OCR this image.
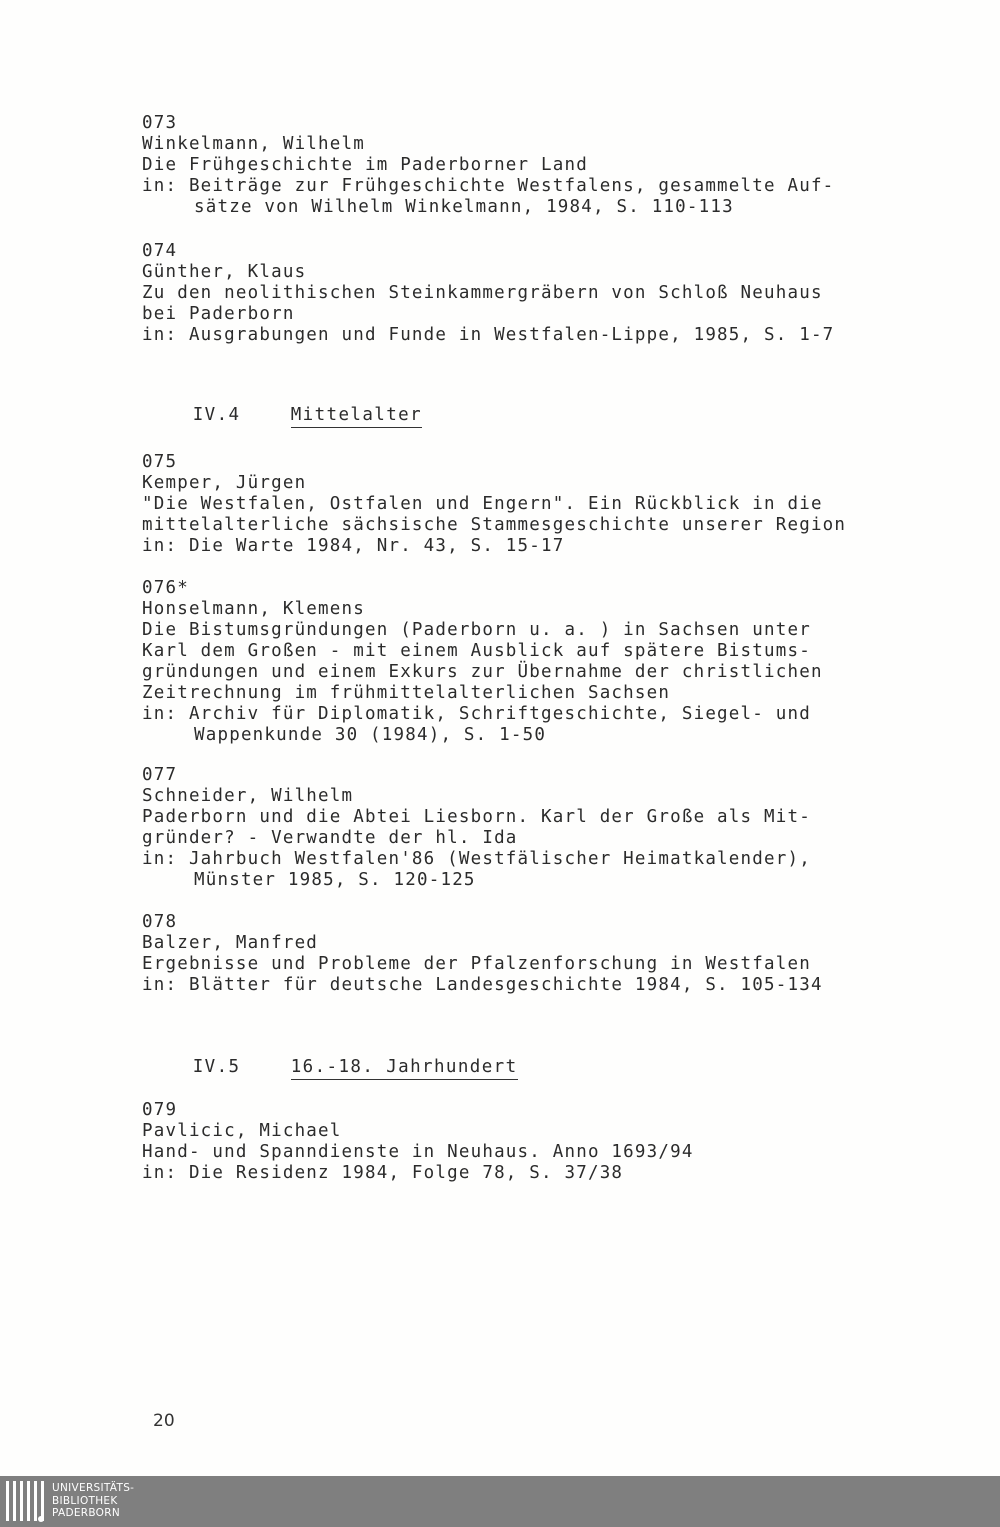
073
Winkelmann, Wilhelm
Die Frühgeschichte im Paderborner Land
in: Beiträge zur Frühgeschichte Westfalens, gesammelte Auf-
sätze von Wilhelm Winkelmann, 1984, S. 110-113
074
Günther, Klaus
Zu den neolithischen Steinkammergräbern von Schloß Neuhaus
bei Paderborn
in: Ausgrabungen und Funde in Westfalen-Lippe, 1985, S. 1-7

IV.4	Mittelalter

075
Kemper, Jürgen
"Die Westfalen, Ostfalen und Engern". Ein Rückblick in die
mittelalterliche sächsische Stammesgeschichte unserer Region
in: Die Warte 1984, Nr. 43, S. 15-17
076*
Honselmann, Klemens
Die Bistumsgründungen (Paderborn u. a. ) in Sachsen unter
Karl dem Großen - mit einem Ausblick auf spätere Bistums-
gründungen und einem Exkurs zur Übernahme der christlichen
Zeitrechnung im frühmittelalterlichen Sachsen
in: Archiv für Diplomatik, Schriftgeschichte, Siegel- und
Wappenkunde 30 (1984), S. 1-50
077
Schneider, Wilhelm
Paderborn und die Abtei Liesborn. Karl der Große als Mit-
gründer? - Verwandte der hl. Ida
in: Jahrbuch Westfalen'86 (Westfälischer Heimatkalender),
Münster 1985, S. 120-125
078
Balzer, Manfred
Ergebnisse und Probleme der Pfalzenforschung in Westfalen
in: Blätter für deutsche Landesgeschichte 1984, S. 105-134

IV.5	16.-18. Jahrhundert

079
Pavlicic, Michael
Hand- und Spanndienste in Neuhaus. Anno 1693/94
in: Die Residenz 1984, Folge 78, S. 37/38
20
UNIVERSITÄTS-
BIBLIOTHEK
PADERBORN
